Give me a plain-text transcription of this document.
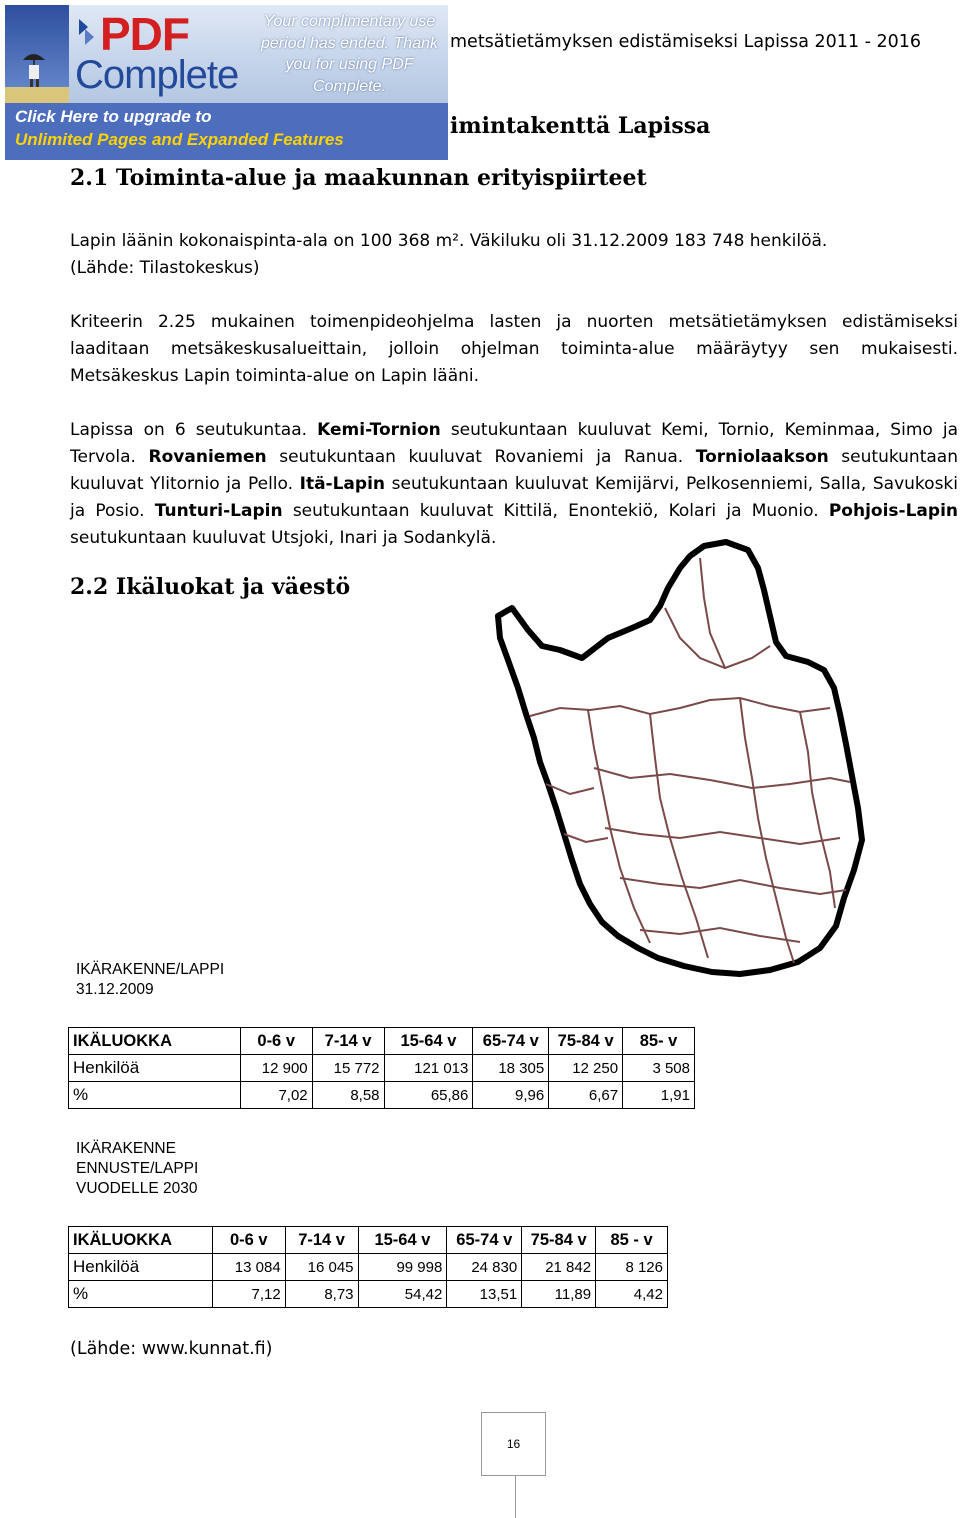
PDF
Complete
Your complimentary use period has ended. Thank you for using PDF Complete.
Click Here to upgrade to
Unlimited Pages and Expanded Features
metsätietämyksen edistämiseksi Lapissa 2011 - 2016
imintakenttä Lapissa
2.1 Toiminta-alue ja maakunnan erityispiirteet
Lapin läänin kokonaispinta-ala on 100 368 m². Väkiluku oli 31.12.2009 183 748 henkilöä.
(Lähde: Tilastokeskus)
Kriteerin 2.25 mukainen toimenpideohjelma lasten ja nuorten metsätietämyksen edistämiseksi laaditaan metsäkeskusalueittain, jolloin ohjelman toiminta-alue määräytyy sen mukaisesti. Metsäkeskus Lapin toiminta-alue on Lapin lääni.
Lapissa on 6 seutukuntaa. Kemi-Tornion seutukuntaan kuuluvat Kemi, Tornio, Keminmaa, Simo ja Tervola. Rovaniemen seutukuntaan kuuluvat Rovaniemi ja Ranua. Torniolaakson seutukuntaan kuuluvat Ylitornio ja Pello. Itä-Lapin seutukuntaan kuuluvat Kemijärvi, Pelkosenniemi, Salla, Savukoski ja Posio. Tunturi-Lapin seutukuntaan kuuluvat Kittilä, Enontekiö, Kolari ja Muonio. Pohjois-Lapin seutukuntaan kuuluvat Utsjoki, Inari ja Sodankylä.
2.2 Ikäluokat ja väestö
IKÄRAKENNE/LAPPI
31.12.2009
IKÄLUOKKA	0-6 v	7-14 v	15-64 v	65-74 v	75-84 v	85- v
Henkilöä	12 900	15 772	121 013	18 305	12 250	3 508
%	7,02	8,58	65,86	9,96	6,67	1,91
IKÄRAKENNE
ENNUSTE/LAPPI
VUODELLE 2030
IKÄLUOKKA	0-6 v	7-14 v	15-64 v	65-74 v	75-84 v	85 - v
Henkilöä	13 084	16 045	99 998	24 830	21 842	8 126
%	7,12	8,73	54,42	13,51	11,89	4,42
(Lähde: www.kunnat.fi)
16
